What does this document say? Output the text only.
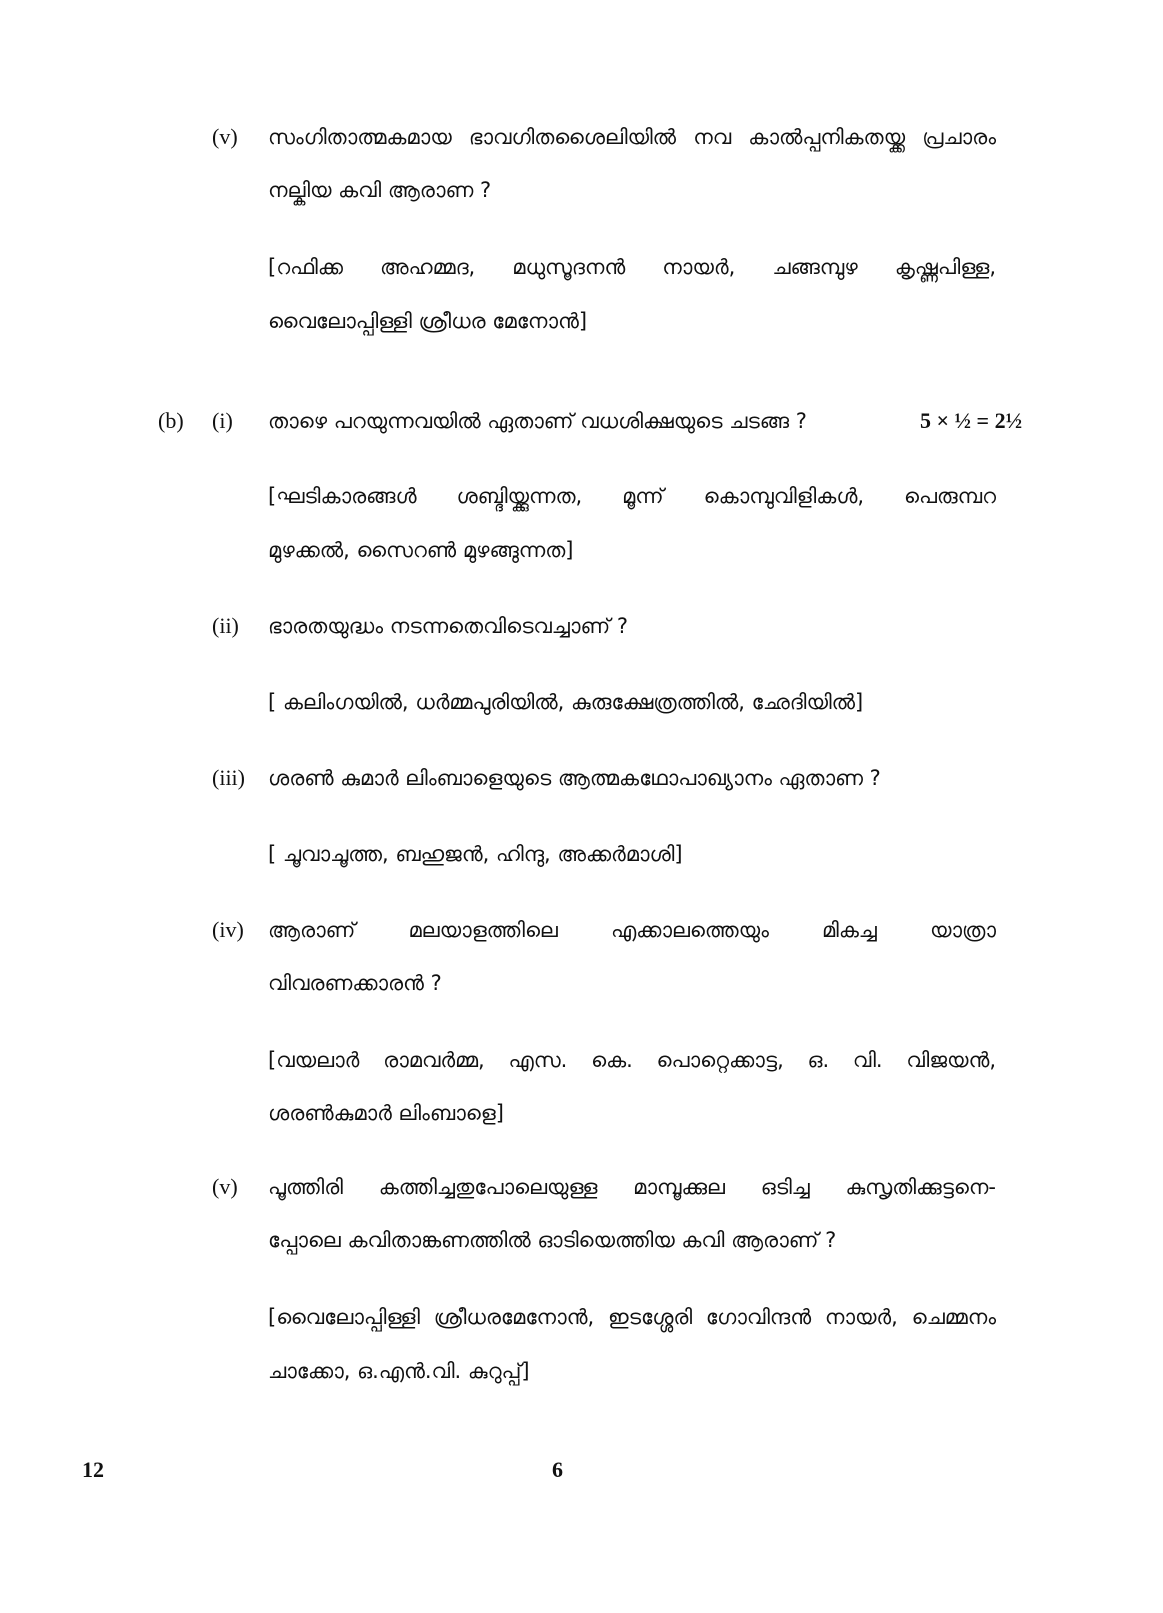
(v) സംഗിതാത്മകമായ ഭാവഗിതശൈലിയിൽ നവ കാൽപ്പനികതയ്ക്ക പ്രചാരം
നല്കിയ കവി ആരാണ ?
[റഫിക്ക അഹമ്മദ, മധുസൂദനൻ നായർ, ചങ്ങമ്പുഴ കൃഷ്ണപിള്ള,
വൈലോപ്പിള്ളി ശ്രീധര മേനോൻ]
(b) (i) താഴെ പറയുന്നവയിൽ ഏതാണ് വധശിക്ഷയുടെ ചടങ്ങ ?	5 × ½ = 2½
[ഘടികാരങ്ങൾ ശബ്ദിയ്ക്കുന്നത, മൂന്ന് കൊമ്പുവിളികൾ, പെരുമ്പറ
മുഴക്കൽ, സൈറൺ മുഴങ്ങുന്നത]
(ii) ഭാരതയുദ്ധം നടന്നതെവിടെവച്ചാണ് ?
[ കലിംഗയിൽ, ധർമ്മപുരിയിൽ, കുരുക്ഷേത്രത്തിൽ, ഛേദിയിൽ]
(iii) ശരൺ കുമാർ ലിംബാളെയുടെ ആത്മകഥോപാഖ്യാനം ഏതാണ ?
[ ചൂവാചൂത്ത, ബഹുജൻ, ഹിന്ദു, അക്കർമാശി]
(iv) ആരാണ് മലയാളത്തിലെ എക്കാലത്തെയും മികച്ച യാത്രാ
വിവരണക്കാരൻ ?
[വയലാർ രാമവർമ്മ, എസ. കെ. പൊറ്റെക്കാട്ട, ഒ. വി. വിജയൻ,
ശരൺകുമാർ ലിംബാളെ]
(v) പൂത്തിരി കത്തിച്ചതുപോലെയുള്ള മാമ്പൂക്കുല ഒടിച്ച കുസൃതിക്കുട്ടനെ-
പ്പോലെ കവിതാങ്കണത്തിൽ ഓടിയെത്തിയ കവി ആരാണ് ?
[വൈലോപ്പിള്ളി ശ്രീധരമേനോൻ, ഇടശ്ശേരി ഗോവിന്ദൻ നായർ, ചെമ്മനം
ചാക്കോ, ഒ.എൻ.വി. കുറുപ്പ്]
12	6
